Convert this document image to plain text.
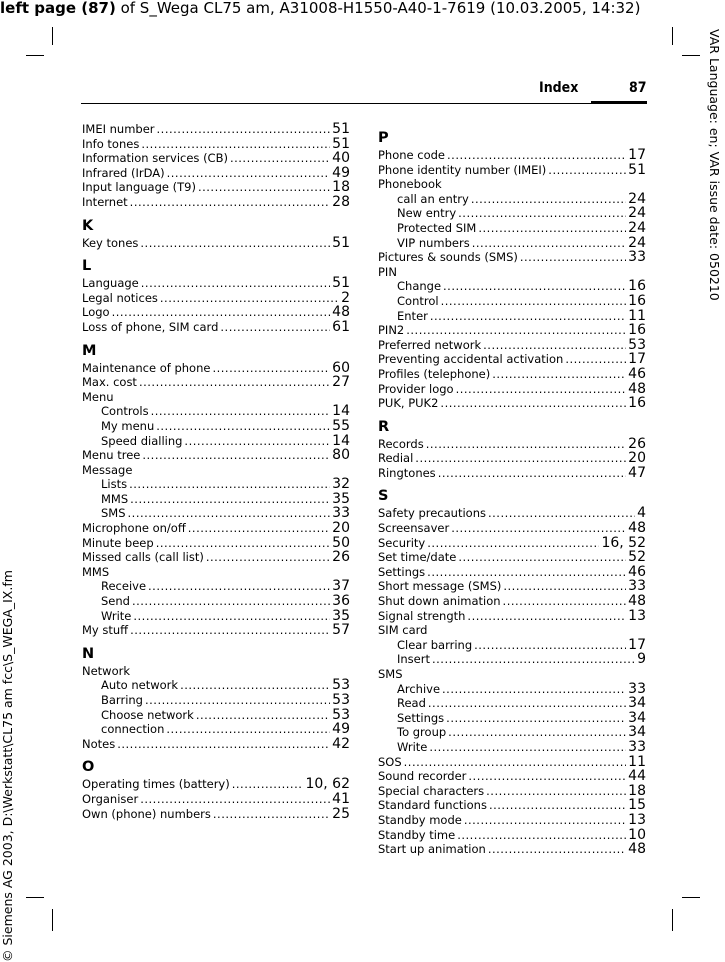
left page (87) of S_Wega CL75 am, A31008-H1550-A40-1-7619 (10.03.2005, 14:32)
VAR Language: en; VAR issue date: 050210
© Siemens AG 2003, D:\Werkstatt\CL75 am fcc\S_WEGA_IX.fm
Index	87
IMEI number .....	51
Info tones .....	51
Information services (CB) .....	40
Infrared (IrDA) .....	49
Input language (T9) .....	18
Internet .....	28
K
Key tones .....	51
L
Language .....	51
Legal notices .....	2
Logo .....	48
Loss of phone, SIM card .....	61
M
Maintenance of phone .....	60
Max. cost .....	27
Menu
Controls .....	14
My menu .....	55
Speed dialling .....	14
Menu tree .....	80
Message
Lists .....	32
MMS .....	35
SMS .....	33
Microphone on/off .....	20
Minute beep .....	50
Missed calls (call list) .....	26
MMS
Receive .....	37
Send .....	36
Write .....	35
My stuff .....	57
N
Network
Auto network .....	53
Barring .....	53
Choose network .....	53
connection .....	49
Notes .....	42
O
Operating times (battery) .....	10, 62
Organiser .....	41
Own (phone) numbers .....	25
P
Phone code .....	17
Phone identity number (IMEI) .....	51
Phonebook
call an entry .....	24
New entry .....	24
Protected SIM .....	24
VIP numbers .....	24
Pictures & sounds (SMS) .....	33
PIN
Change .....	16
Control .....	16
Enter .....	11
PIN2 .....	16
Preferred network .....	53
Preventing accidental activation .....	17
Profiles (telephone) .....	46
Provider logo .....	48
PUK, PUK2 .....	16
R
Records .....	26
Redial .....	20
Ringtones .....	47
S
Safety precautions .....	4
Screensaver .....	48
Security .....	16, 52
Set time/date .....	52
Settings .....	46
Short message (SMS) .....	33
Shut down animation .....	48
Signal strength .....	13
SIM card
Clear barring .....	17
Insert .....	9
SMS
Archive .....	33
Read .....	34
Settings .....	34
To group .....	34
Write .....	33
SOS .....	11
Sound recorder .....	44
Special characters .....	18
Standard functions .....	15
Standby mode .....	13
Standby time .....	10
Start up animation .....	48
